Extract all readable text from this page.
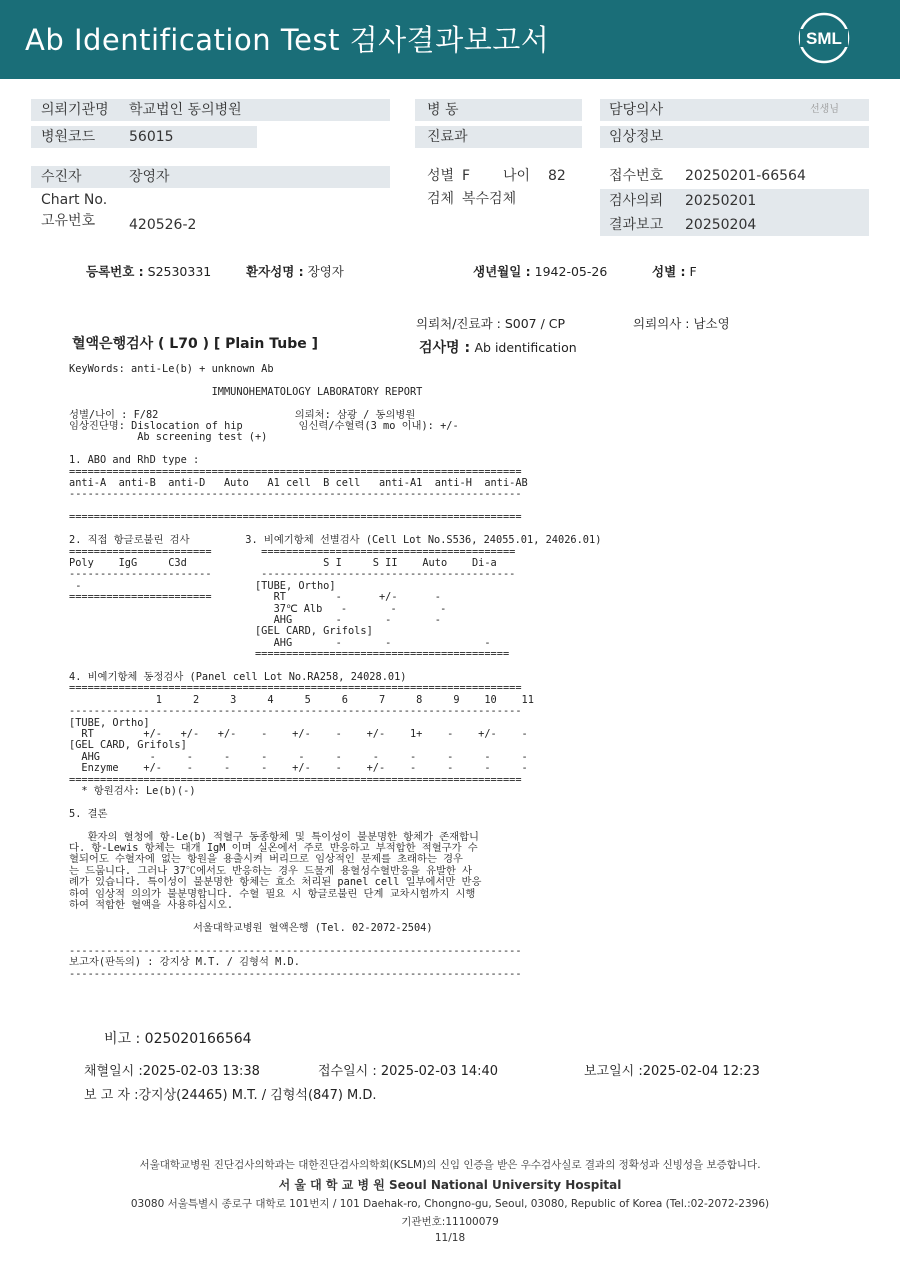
Ab Identification Test 검사결과보고서	SML
의뢰기관명 학교법인 동의병원
병원코드 56015
병 동
진료과
담당의사	선생님
임상정보
수진자	장영자
Chart No.
고유번호 420526-2
성별 F 나이 82
검체 복수검체
접수번호 20250201-66564
검사의뢰 20250201
결과보고 20250204
등록번호 : S2530331	환자성명 : 장영자	생년월일 : 1942-05-26	성별 : F
의뢰처/진료과 : S007 / CP	의뢰의사 : 남소영
혈액은행검사 ( L70 ) [ Plain Tube ]	검사명 : Ab identification
KeyWords: anti-Le(b) + unknown Ab

IMMUNOHEMATOLOGY LABORATORY REPORT

성별/나이 : F/82                      의뢰처: 삼광 / 동의병원
임상진단명: Dislocation of hip         임신력/수혈력(3 mo 이내): +/-
Ab screening test (+)

1. ABO and RhD type :
=========================================================================
anti-A  anti-B  anti-D   Auto   A1 cell  B cell   anti-A1  anti-H  anti-AB
-------------------------------------------------------------------------

=========================================================================

2. 직접 항글로불린 검사         3. 비예기항체 선별검사 (Cell Lot No.S536, 24055.01, 24026.01)
=======================        =========================================
Poly    IgG     C3d                      S I     S II    Auto    Di-a
-----------------------        -----------------------------------------
-                            [TUBE, Ortho]
=======================          RT        -      +/-      -
37℃ Alb   -       -       -
AHG       -       -       -
[GEL CARD, Grifols]
AHG       -       -               -
=========================================

4. 비예기항체 동정검사 (Panel cell Lot No.RA258, 24028.01)
=========================================================================
1     2     3     4     5     6     7     8     9    10    11
-------------------------------------------------------------------------
[TUBE, Ortho]
RT        +/-   +/-   +/-    -    +/-    -    +/-    1+    -    +/-    -
[GEL CARD, Grifols]
AHG        -     -     -     -     -     -     -     -     -     -     -
Enzyme    +/-    -     -     -    +/-    -    +/-    -     -     -     -
=========================================================================
* 항원검사: Le(b)(-)

5. 결론

환자의 혈청에 항-Le(b) 적혈구 동종항체 및 특이성이 불분명한 항체가 존재합니
다. 항-Lewis 항체는 대개 IgM 이며 실온에서 주로 반응하고 부적합한 적혈구가 수
혈되어도 수혈자에 없는 항원을 용출시켜 버리므로 임상적인 문제를 초래하는 경우
는 드뭅니다. 그러나 37℃에서도 반응하는 경우 드물게 용혈성수혈반응을 유발한 사
례가 있습니다. 특이성이 불분명한 항체는 효소 처리된 panel cell 일부에서만 반응
하여 임상적 의의가 불분명합니다. 수혈 필요 시 항글로불린 단계 교차시험까지 시행
하여 적합한 혈액을 사용하십시오.

서울대학교병원 혈액은행 (Tel. 02-2072-2504)

-------------------------------------------------------------------------
보고자(판독의) : 강지상 M.T. / 김형석 M.D.
-------------------------------------------------------------------------
비고 : 025020166564
채혈일시 :2025-02-03 13:38	접수일시 : 2025-02-03 14:40	보고일시 :2025-02-04 12:23
보 고 자 :강지상(24465) M.T. / 김형석(847) M.D.
서울대학교병원 진단검사의학과는 대한진단검사의학회(KSLM)의 신임 인증을 받은 우수검사실로 결과의 정확성과 신빙성을 보증합니다.
서 울 대 학 교 병 원 Seoul National University Hospital
03080 서울특별시 종로구 대학로 101번지 / 101 Daehak-ro, Chongno-gu, Seoul, 03080, Republic of Korea (Tel.:02-2072-2396)
기관번호:11100079
11/18
